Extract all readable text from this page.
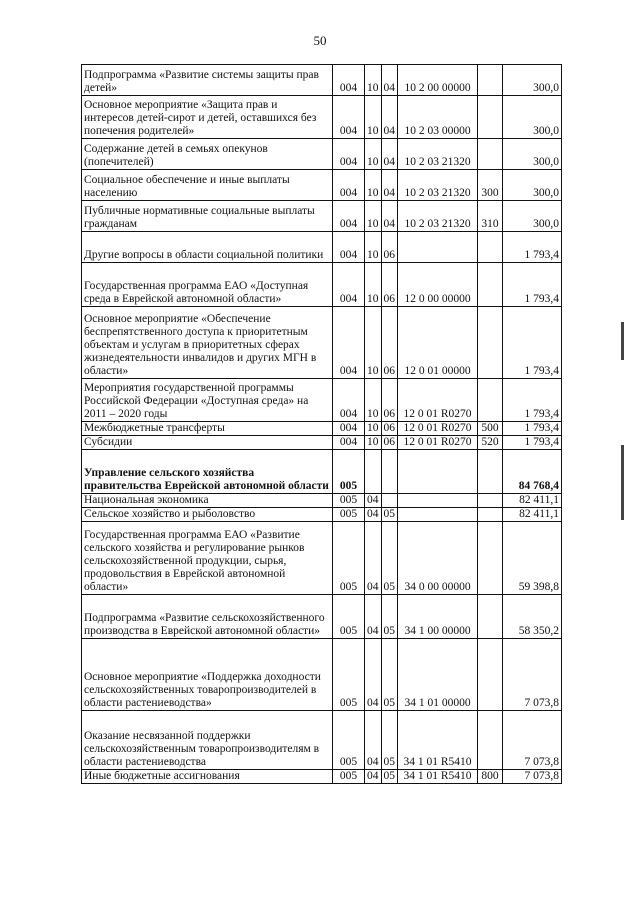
50
Подпрограмма «Развитие системы защиты прав детей»	004	10	04	10 2 00 00000		300,0
Основное мероприятие «Защита прав и интересов детей-сирот и детей, оставшихся без попечения родителей»	004	10	04	10 2 03 00000		300,0
Содержание детей в семьях опекунов (попечителей)	004	10	04	10 2 03 21320		300,0
Социальное обеспечение и иные выплаты населению	004	10	04	10 2 03 21320	300	300,0
Публичные нормативные социальные выплаты гражданам	004	10	04	10 2 03 21320	310	300,0
Другие вопросы в области социальной политики	004	10	06			1 793,4
Государственная программа ЕАО «Доступная среда в Еврейской автономной области»	004	10	06	12 0 00 00000		1 793,4
Основное мероприятие «Обеспечение беспрепятственного доступа к приоритетным объектам и услугам в приоритетных сферах жизнедеятельности инвалидов и других МГН в области»	004	10	06	12 0 01 00000		1 793,4
Мероприятия государственной программы Российской Федерации «Доступная среда» на 2011 – 2020 годы	004	10	06	12 0 01 R0270		1 793,4
Межбюджетные трансферты	004	10	06	12 0 01 R0270	500	1 793,4
Субсидии	004	10	06	12 0 01 R0270	520	1 793,4
Управление сельского хозяйства правительства Еврейской автономной области	005					84 768,4
Национальная экономика	005	04				82 411,1
Сельское хозяйство и рыболовство	005	04	05			82 411,1
Государственная программа ЕАО «Развитие сельского хозяйства и регулирование рынков сельскохозяйственной продукции, сырья, продовольствия в Еврейской автономной области»	005	04	05	34 0 00 00000		59 398,8
Подпрограмма «Развитие сельскохозяйственного производства в Еврейской автономной области»	005	04	05	34 1 00 00000		58 350,2
Основное мероприятие «Поддержка доходности сельскохозяйственных товаропроизводителей в области растениеводства»	005	04	05	34 1 01 00000		7 073,8
Оказание несвязанной поддержки сельскохозяйственным товаропроизводителям в области растениеводства	005	04	05	34 1 01 R5410		7 073,8
Иные бюджетные ассигнования	005	04	05	34 1 01 R5410	800	7 073,8
